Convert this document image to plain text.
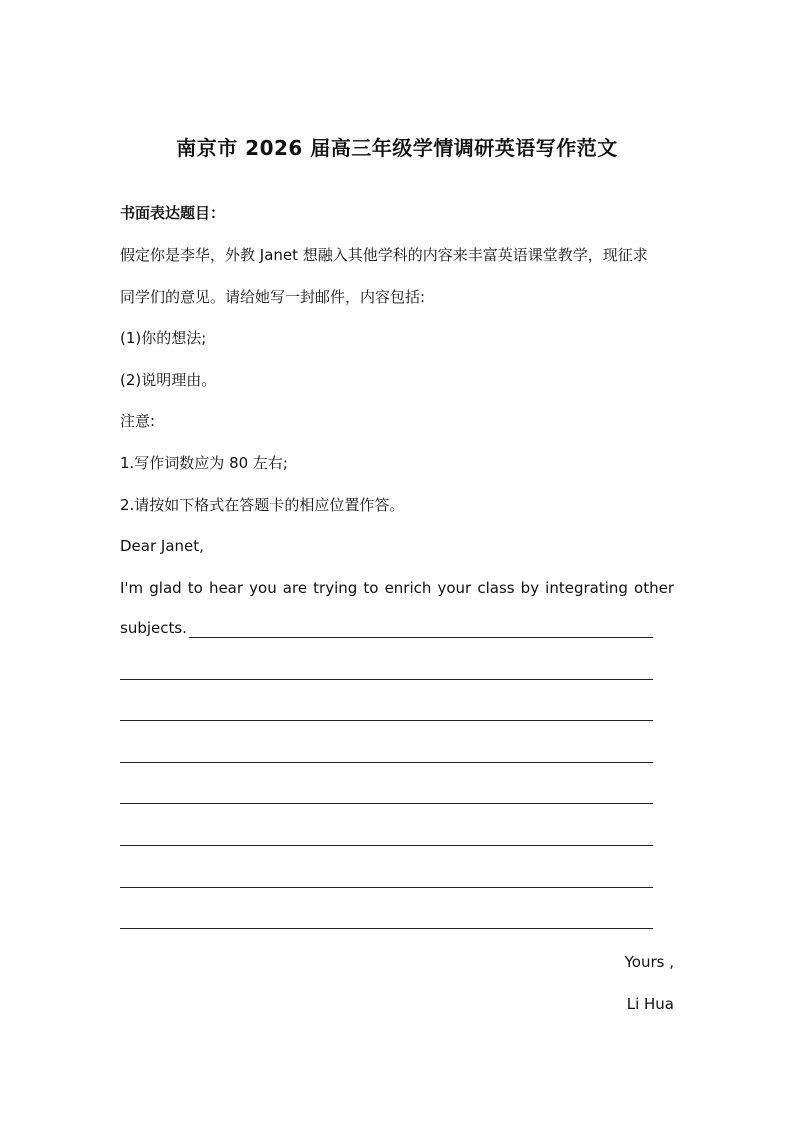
南京市 2026 届高三年级学情调研英语写作范文
书面表达题目：
假定你是李华，外教 Janet 想融入其他学科的内容来丰富英语课堂教学，现征求
同学们的意见。请给她写一封邮件，内容包括:
(1)你的想法;
(2)说明理由。
注意:
1.写作词数应为 80 左右;
2.请按如下格式在答题卡的相应位置作答。
Dear Janet,
I'm glad to hear you are trying to enrich your class by integrating other
subjects.
Yours ,
Li Hua
